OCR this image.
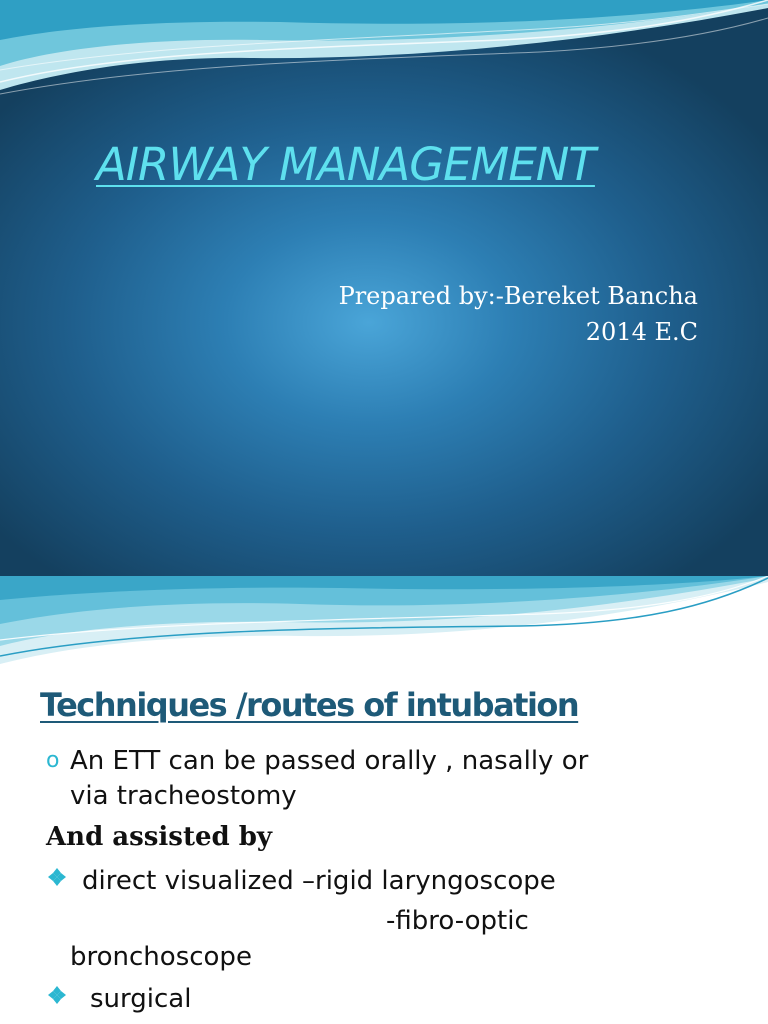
AIRWAY MANAGEMENT
Prepared by:-Bereket Bancha
2014 E.C
Techniques /routes of intubation
o An ETT can be passed orally , nasally or
via tracheostomy
And assisted by
direct visualized –rigid laryngoscope
-fibro-optic
bronchoscope
surgical
